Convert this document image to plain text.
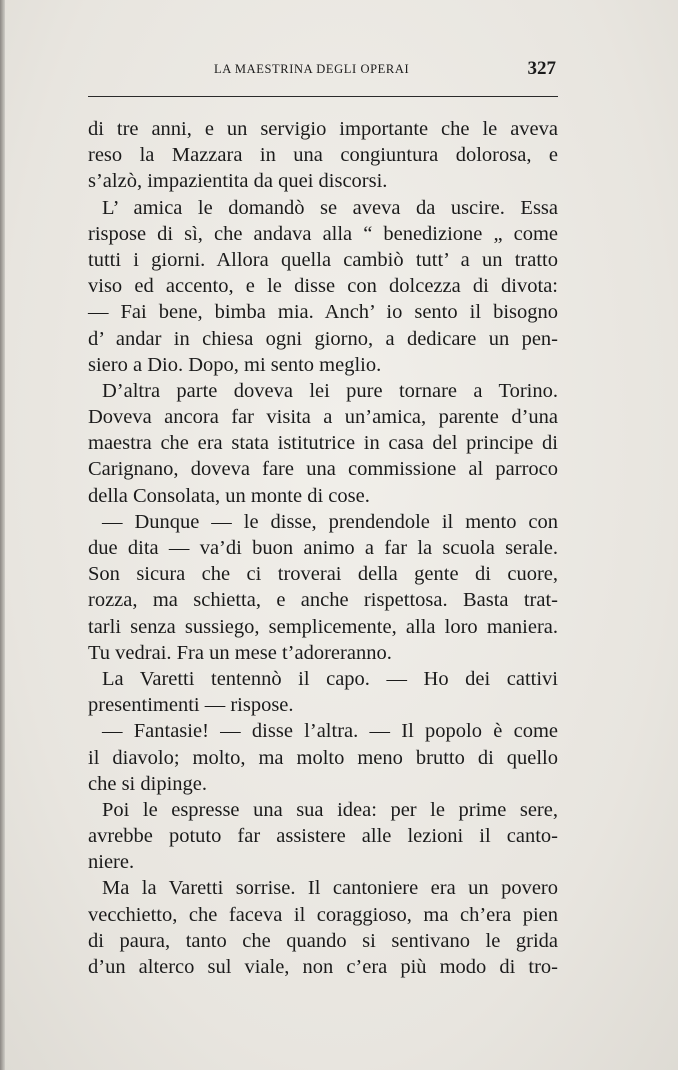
LA MAESTRINA DEGLI OPERAI	327
di tre anni, e un servigio importante che le aveva
reso la Mazzara in una congiuntura dolorosa, e
s’alzò, impazientita da quei discorsi.
L’ amica le domandò se aveva da uscire. Essa
rispose di sì, che andava alla “ benedizione „ come
tutti i giorni. Allora quella cambiò tutt’ a un tratto
viso ed accento, e le disse con dolcezza di divota:
— Fai bene, bimba mia. Anch’ io sento il bisogno
d’ andar in chiesa ogni giorno, a dedicare un pen-
siero a Dio. Dopo, mi sento meglio.
D’altra parte doveva lei pure tornare a Torino.
Doveva ancora far visita a un’amica, parente d’una
maestra che era stata istitutrice in casa del principe di
Carignano, doveva fare una commissione al parroco
della Consolata, un monte di cose.
— Dunque — le disse, prendendole il mento con
due dita — va’di buon animo a far la scuola serale.
Son sicura che ci troverai della gente di cuore,
rozza, ma schietta, e anche rispettosa. Basta trat-
tarli senza sussiego, semplicemente, alla loro maniera.
Tu vedrai. Fra un mese t’adoreranno.
La Varetti tentennò il capo. — Ho dei cattivi
presentimenti — rispose.
— Fantasie! — disse l’altra. — Il popolo è come
il diavolo; molto, ma molto meno brutto di quello
che si dipinge.
Poi le espresse una sua idea: per le prime sere,
avrebbe potuto far assistere alle lezioni il canto-
niere.
Ma la Varetti sorrise. Il cantoniere era un povero
vecchietto, che faceva il coraggioso, ma ch’era pien
di paura, tanto che quando si sentivano le grida
d’un alterco sul viale, non c’era più modo di tro-
